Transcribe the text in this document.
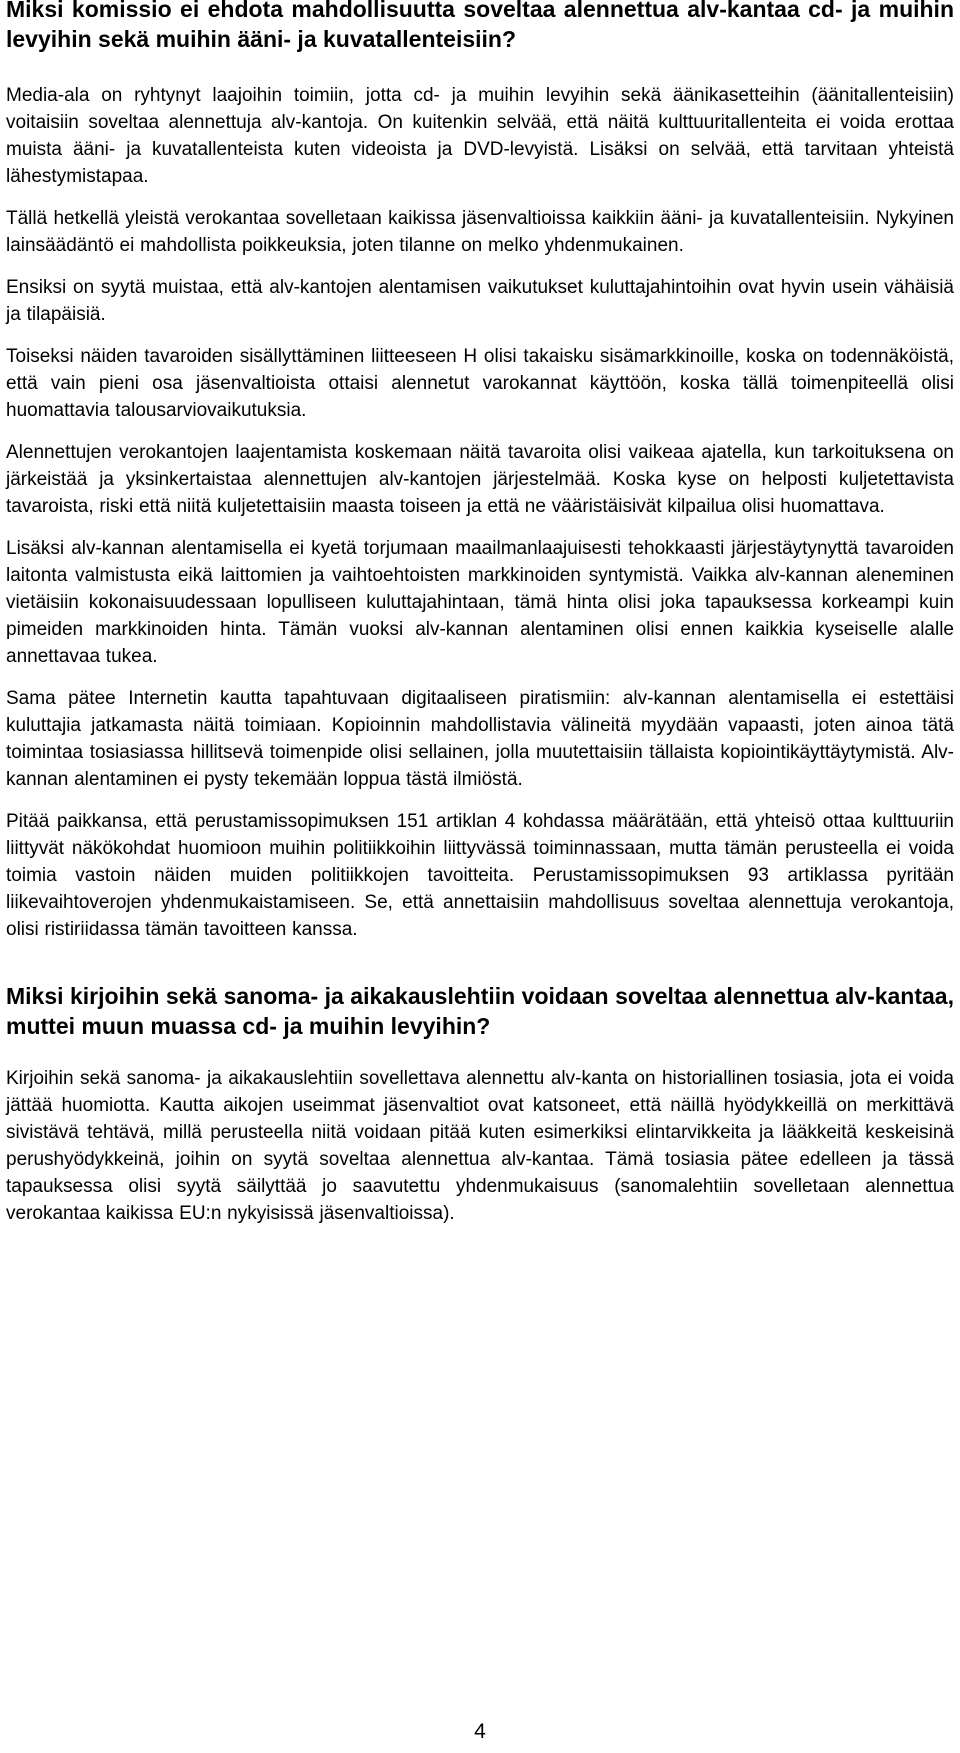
Miksi komissio ei ehdota mahdollisuutta soveltaa alennettua alv-kantaa cd- ja muihin levyihin sekä muihin ääni- ja kuvatallenteisiin?

Media-ala on ryhtynyt laajoihin toimiin, jotta cd- ja muihin levyihin sekä äänikasetteihin (äänitallenteisiin) voitaisiin soveltaa alennettuja alv-kantoja. On kuitenkin selvää, että näitä kulttuuritallenteita ei voida erottaa muista ääni- ja kuvatallenteista kuten videoista ja DVD-levyistä. Lisäksi on selvää, että tarvitaan yhteistä lähestymistapaa.

Tällä hetkellä yleistä verokantaa sovelletaan kaikissa jäsenvaltioissa kaikkiin ääni- ja kuvatallenteisiin. Nykyinen lainsäädäntö ei mahdollista poikkeuksia, joten tilanne on melko yhdenmukainen.

Ensiksi on syytä muistaa, että alv-kantojen alentamisen vaikutukset kuluttajahintoihin ovat hyvin usein vähäisiä ja tilapäisiä.

Toiseksi näiden tavaroiden sisällyttäminen liitteeseen H olisi takaisku sisämarkkinoille, koska on todennäköistä, että vain pieni osa jäsenvaltioista ottaisi alennetut varokannat käyttöön, koska tällä toimenpiteellä olisi huomattavia talousarviovaikutuksia.

Alennettujen verokantojen laajentamista koskemaan näitä tavaroita olisi vaikeaa ajatella, kun tarkoituksena on järkeistää ja yksinkertaistaa alennettujen alv-kantojen järjestelmää. Koska kyse on helposti kuljetettavista tavaroista, riski että niitä kuljetettaisiin maasta toiseen ja että ne vääristäisivät kilpailua olisi huomattava.

Lisäksi alv-kannan alentamisella ei kyetä torjumaan maailmanlaajuisesti tehokkaasti järjestäytynyttä tavaroiden laitonta valmistusta eikä laittomien ja vaihtoehtoisten markkinoiden syntymistä. Vaikka alv-kannan aleneminen vietäisiin kokonaisuudessaan lopulliseen kuluttajahintaan, tämä hinta olisi joka tapauksessa korkeampi kuin pimeiden markkinoiden hinta. Tämän vuoksi alv-kannan alentaminen olisi ennen kaikkia kyseiselle alalle annettavaa tukea.

Sama pätee Internetin kautta tapahtuvaan digitaaliseen piratismiin: alv-kannan alentamisella ei estettäisi kuluttajia jatkamasta näitä toimiaan. Kopioinnin mahdollistavia välineitä myydään vapaasti, joten ainoa tätä toimintaa tosiasiassa hillitsevä toimenpide olisi sellainen, jolla muutettaisiin tällaista kopiointikäyttäytymistä. Alv-kannan alentaminen ei pysty tekemään loppua tästä ilmiöstä.

Pitää paikkansa, että perustamissopimuksen 151 artiklan 4 kohdassa määrätään, että yhteisö ottaa kulttuuriin liittyvät näkökohdat huomioon muihin politiikkoihin liittyvässä toiminnassaan, mutta tämän perusteella ei voida toimia vastoin näiden muiden politiikkojen tavoitteita. Perustamissopimuksen 93 artiklassa pyritään liikevaihtoverojen yhdenmukaistamiseen. Se, että annettaisiin mahdollisuus soveltaa alennettuja verokantoja, olisi ristiriidassa tämän tavoitteen kanssa.

Miksi kirjoihin sekä sanoma- ja aikakauslehtiin voidaan soveltaa alennettua alv-kantaa, muttei muun muassa cd- ja muihin levyihin?

Kirjoihin sekä sanoma- ja aikakauslehtiin sovellettava alennettu alv-kanta on historiallinen tosiasia, jota ei voida jättää huomiotta. Kautta aikojen useimmat jäsenvaltiot ovat katsoneet, että näillä hyödykkeillä on merkittävä sivistävä tehtävä, millä perusteella niitä voidaan pitää kuten esimerkiksi elintarvikkeita ja lääkkeitä keskeisinä perushyödykkeinä, joihin on syytä soveltaa alennettua alv-kantaa. Tämä tosiasia pätee edelleen ja tässä tapauksessa olisi syytä säilyttää jo saavutettu yhdenmukaisuus (sanomalehtiin sovelletaan alennettua verokantaa kaikissa EU:n nykyisissä jäsenvaltioissa).

4
